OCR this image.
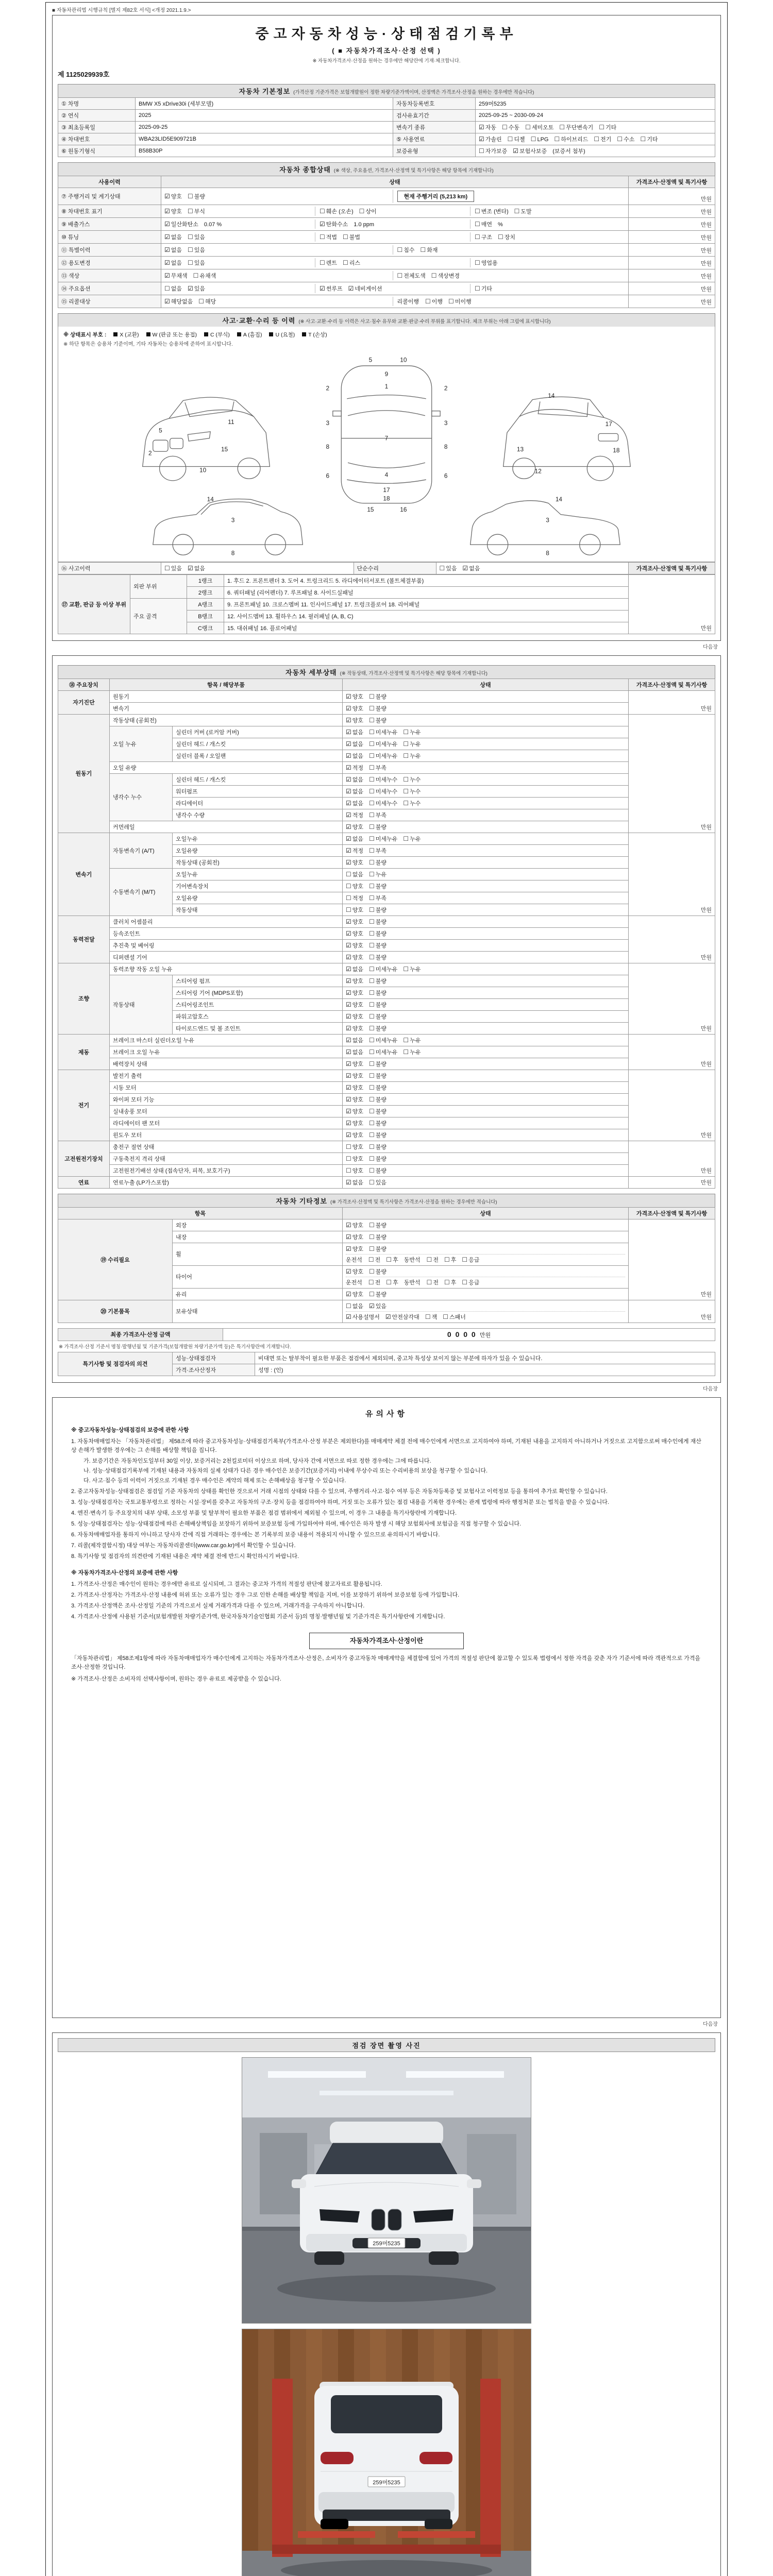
■ 자동차관리법 시행규칙 [별지 제82호 서식] <개정 2021.1.9.>
중고자동차성능·상태점검기록부
( ■ 자동차가격조사·산정 선택 )
※ 자동차가격조사·산정을 원하는 경우에만 해당란에 기재·체크합니다.
제 1125029939호
자동차 기본정보 (가격산정 기준가격은 보험개발원이 정한 차량기준가액이며, 산정액은 가격조사·산정을 원하는 경우에만 적습니다)
① 차명	BMW X5 xDrive30i (세부모델)	자동차등록번호	259머5235
② 연식	2025	검사유효기간	2025-09-25 ~ 2030-09-24
③ 최초등록일	2025-09-25	변속기 종류	☑ 자동 ☐ 수동 ☐ 세미오토 ☐ 무단변속기 ☐ 기타
④ 차대번호	WBA23LID5E909721B	⑤ 사용연료	☑ 가솔린 ☐ 디젤 ☐ LPG ☐ 하이브리드 ☐ 전기 ☐ 수소 ☐ 기타
⑥ 원동기형식	B58B30P	보증유형	☐ 자가보증 ☑ 보험사보증 (보증서 첨부)
자동차 종합상태 (※ 색상, 주요옵션, 가격조사·산정액 및 특기사항은 해당 항목에 기재합니다)
사용이력	상태	가격조사·산정액 및 특기사항
⑦ 주행거리 및 계기상태	☑ 양호 ☐ 불량 현재 주행거리 (5,213 km)	만원
⑧ 차대번호 표기	☑ 양호 ☐ 부식 ☐ 훼손 (오손) ☐ 상이 ☐ 변조 (변타) ☐ 도말	만원
⑨ 배출가스	☑ 일산화탄소 0.07 % ☑ 탄화수소 1.0 ppm ☐ 매연 %	만원
⑩ 튜닝	☑ 없음 ☐ 있음 ☐ 적법 ☐ 불법 ☐ 구조 ☐ 장치	만원
⑪ 특별이력	☑ 없음 ☐ 있음 ☐ 침수 ☐ 화재	만원
⑫ 용도변경	☑ 없음 ☐ 있음 ☐ 렌트 ☐ 리스 ☐ 영업용	만원
⑬ 색상	☑ 무채색 ☐ 유채색 ☐ 전체도색 ☐ 색상변경	만원
⑭ 주요옵션	☐ 없음 ☑ 있음 ☑ 썬루프 ☑ 네비게이션 ☐ 기타	만원
⑮ 리콜대상	☑ 해당없음 ☐ 해당 리콜이행 ☐ 이행 ☐ 미이행	만원
사고·교환·수리 등 이력 (※ 사고·교환·수리 등 이력은 사고·침수 유무와 교환·판금·수리 부위를 표기합니다. 체크 부위는 아래 그림에 표시합니다)
※ 상태표시 부호 : X (교환) W (판금 또는 용접) C (부식) A (흠집) U (요철) T (손상)
※ 하단 항목은 승용차 기준이며, 기타 자동차는 승용차에 준하여 표시합니다.
5	10
9
1
7
4
17
18
2
3
8
6
2
3
8
6
15	16
5
2
11
15
10
17
18
13
12
14
3
8
14
3
8
14
⑯ 사고이력	☐ 있음 ☑ 없음	단순수리	☐ 있음 ☑ 없음	가격조사·산정액 및 특기사항
⑰ 교환, 판금 등 이상 부위	외판 부위	1랭크	1. 후드 2. 프론트펜더 3. 도어 4. 트렁크리드 5. 라디에이터서포트 (볼트체결부품)	만원
		2랭크	6. 쿼터패널 (리어펜더) 7. 루프패널 8. 사이드실패널	
	주요 골격	A랭크	9. 프론트패널 10. 크로스멤버 11. 인사이드패널 17. 트렁크플로어 18. 리어패널	
		B랭크	12. 사이드멤버 13. 휠하우스 14. 필러패널 (A, B, C)	
		C랭크	15. 대쉬패널 16. 플로어패널	
다음장
자동차 세부상태 (※ 작동상태, 가격조사·산정액 및 특기사항은 해당 항목에 기재합니다)
⑱ 주요장치	항목 / 해당부품		상태	가격조사·산정액 및 특기사항
자기진단	원동기		☑ 양호 ☐ 불량	만원
	변속기		☑ 양호 ☐ 불량	
원동기	작동상태 (공회전)		☑ 양호 ☐ 불량	만원
	오일 누유	실린더 커버 (로커암 커버)	☑ 없음 ☐ 미세누유 ☐ 누유	
		실린더 헤드 / 개스킷	☑ 없음 ☐ 미세누유 ☐ 누유	
		실린더 블록 / 오일팬	☑ 없음 ☐ 미세누유 ☐ 누유	
	오일 유량		☑ 적정 ☐ 부족	
	냉각수 누수	실린더 헤드 / 개스킷	☑ 없음 ☐ 미세누수 ☐ 누수	
		워터펌프	☑ 없음 ☐ 미세누수 ☐ 누수	
		라디에이터	☑ 없음 ☐ 미세누수 ☐ 누수	
		냉각수 수량	☑ 적정 ☐ 부족	
	커먼레일		☑ 양호 ☐ 불량	
변속기	자동변속기 (A/T)	오일누유	☑ 없음 ☐ 미세누유 ☐ 누유	만원
		오일유량	☑ 적정 ☐ 부족	
		작동상태 (공회전)	☑ 양호 ☐ 불량	
	수동변속기 (M/T)	오일누유	☐ 없음 ☐ 누유	
		기어변속장치	☐ 양호 ☐ 불량	
		오일유량	☐ 적정 ☐ 부족	
		작동상태	☐ 양호 ☐ 불량	
동력전달	클러치 어셈블리		☑ 양호 ☐ 불량	만원
	등속조인트		☑ 양호 ☐ 불량	
	추진축 및 베어링		☑ 양호 ☐ 불량	
	디퍼렌셜 기어		☑ 양호 ☐ 불량	
조향	동력조향 작동 오일 누유		☑ 없음 ☐ 미세누유 ☐ 누유	만원
	작동상태	스티어링 펌프	☑ 양호 ☐ 불량	
		스티어링 기어 (MDPS포함)	☑ 양호 ☐ 불량	
		스티어링조인트	☑ 양호 ☐ 불량	
		파워고압호스	☑ 양호 ☐ 불량	
		타이로드엔드 및 볼 조인트	☑ 양호 ☐ 불량	
제동	브레이크 마스터 실린더오일 누유		☑ 없음 ☐ 미세누유 ☐ 누유	만원
	브레이크 오일 누유		☑ 없음 ☐ 미세누유 ☐ 누유	
	배력장치 상태		☑ 양호 ☐ 불량	
전기	발전기 출력		☑ 양호 ☐ 불량	만원
	시동 모터		☑ 양호 ☐ 불량	
	와이퍼 모터 기능		☑ 양호 ☐ 불량	
	실내송풍 모터		☑ 양호 ☐ 불량	
	라디에이터 팬 모터		☑ 양호 ☐ 불량	
	윈도우 모터		☑ 양호 ☐ 불량	
고전원전기장치	충전구 절연 상태		☐ 양호 ☐ 불량	만원
	구동축전지 격리 상태		☐ 양호 ☐ 불량	
	고전원전기배선 상태 (접속단자, 피복, 보호기구)		☐ 양호 ☐ 불량	
연료	연료누출 (LP가스포함)		☑ 없음 ☐ 있음	만원
자동차 기타정보 (※ 가격조사·산정액 및 특기사항은 가격조사·산정을 원하는 경우에만 적습니다)
항목		상태	가격조사·산정액 및 특기사항
⑲ 수리필요	외장	☑ 양호 ☐ 불량	만원
	내장	☑ 양호 ☐ 불량	
	휠	☑ 양호 ☐ 불량
운전석 ☐ 전 ☐ 후 동반석 ☐ 전 ☐ 후 ☐ 응급	

	타이어	☑ 양호 ☐ 불량
운전석 ☐ 전 ☐ 후 동반석 ☐ 전 ☐ 후 ☐ 응급	

	유리	☑ 양호 ☐ 불량	
⑳ 기본품목	보유상태	☐ 없음 ☑ 있음
☑ 사용설명서 ☑ 안전삼각대 ☐ 잭 ☐ 스패너	만원
최종 가격조사·산정 금액	0 0 0 0  만원
※ 가격조사·산정 기준서 명칭·발행년월 및 기준가격(보험개발원 차량기준가액 등)은 특기사항란에 기재합니다.
특기사항 및 점검자의 의견	성능·상태점검자	비대면 또는 탈부착이 필요한 부품은 점검에서 제외되며, 중고차 특성상 보이지 않는 부분에 하자가 있을 수 있습니다.
	가격·조사산정자	성명 : (인)
다음장
유의사항
※ 중고자동차성능·상태점검의 보증에 관한 사항
1. 자동차매매업자는 「자동차관리법」 제58조에 따라 중고자동차성능·상태점검기록부(가격조사·산정 부분은 제외한다)를 매매계약 체결 전에 매수인에게 서면으로 고지하여야 하며, 기재된 내용을 고지하지 아니하거나 거짓으로 고지함으로써 매수인에게 재산상 손해가 발생한 경우에는 그 손해를 배상할 책임을 집니다.
가. 보증기간은 자동차인도일부터 30일 이상, 보증거리는 2천킬로미터 이상으로 하며, 당사자 간에 서면으로 따로 정한 경우에는 그에 따릅니다.
나. 성능·상태점검기록부에 기재된 내용과 자동차의 실제 상태가 다른 경우 매수인은 보증기간(보증거리) 이내에 무상수리 또는 수리비용의 보상을 청구할 수 있습니다.
다. 사고·침수 등의 이력이 거짓으로 기재된 경우 매수인은 계약의 해제 또는 손해배상을 청구할 수 있습니다.
2. 중고자동차성능·상태점검은 점검일 기준 자동차의 상태를 확인한 것으로서 거래 시점의 상태와 다를 수 있으며, 주행거리·사고·침수 여부 등은 자동차등록증 및 보험사고 이력정보 등을 통하여 추가로 확인할 수 있습니다.
3. 성능·상태점검자는 국토교통부령으로 정하는 시설·장비를 갖추고 자동차의 구조·장치 등을 점검하여야 하며, 거짓 또는 오류가 있는 점검 내용을 기록한 경우에는 관계 법령에 따라 행정처분 또는 벌칙을 받을 수 있습니다.
4. 엔진·변속기 등 주요장치의 내부 상태, 소모성 부품 및 탈부착이 필요한 부품은 점검 범위에서 제외될 수 있으며, 이 경우 그 내용을 특기사항란에 기재합니다.
5. 성능·상태점검자는 성능·상태점검에 따른 손해배상책임을 보장하기 위하여 보증보험 등에 가입하여야 하며, 매수인은 하자 발생 시 해당 보험회사에 보험금을 직접 청구할 수 있습니다.
6. 자동차매매업자를 통하지 아니하고 당사자 간에 직접 거래하는 경우에는 본 기록부의 보증 내용이 적용되지 아니할 수 있으므로 유의하시기 바랍니다.
7. 리콜(제작결함시정) 대상 여부는 자동차리콜센터(www.car.go.kr)에서 확인할 수 있습니다.
8. 특기사항 및 점검자의 의견란에 기재된 내용은 계약 체결 전에 반드시 확인하시기 바랍니다.
※ 자동차가격조사·산정의 보증에 관한 사항
1. 가격조사·산정은 매수인이 원하는 경우에만 유료로 실시되며, 그 결과는 중고차 가격의 적절성 판단에 참고자료로 활용됩니다.
2. 가격조사·산정자는 가격조사·산정 내용에 허위 또는 오류가 있는 경우 그로 인한 손해를 배상할 책임을 지며, 이를 보장하기 위하여 보증보험 등에 가입합니다.
3. 가격조사·산정액은 조사·산정일 기준의 가격으로서 실제 거래가격과 다를 수 있으며, 거래가격을 구속하지 아니합니다.
4. 가격조사·산정에 사용된 기준서(보험개발원 차량기준가액, 한국자동차기술인협회 기준서 등)의 명칭·발행년월 및 기준가격은 특기사항란에 기재합니다.
자동차가격조사·산정이란
「자동차관리법」 제58조제1항에 따라 자동차매매업자가 매수인에게 고지하는 자동차가격조사·산정은, 소비자가 중고자동차 매매계약을 체결함에 있어 가격의 적절성 판단에 참고할 수 있도록 법령에서 정한 자격을 갖춘 자가 기준서에 따라 객관적으로 가격을 조사·산정한 것입니다.
※ 가격조사·산정은 소비자의 선택사항이며, 원하는 경우 유료로 제공받을 수 있습니다.
다음장
점검 장면 촬영 사진
259머5235
259머5235
